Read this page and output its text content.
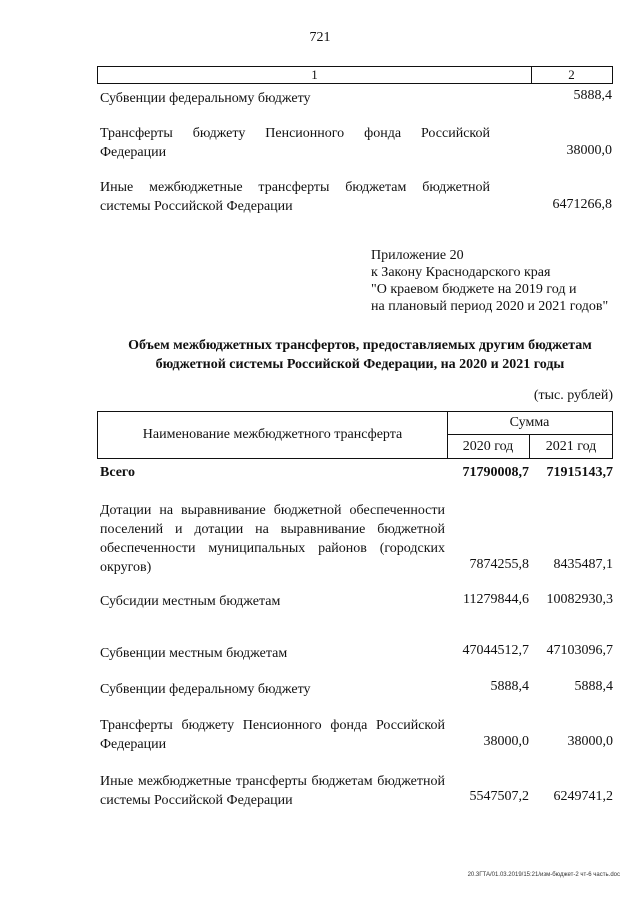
721
1	2
Субвенции федеральному бюджету	5888,4
Трансферты бюджету Пенсионного фонда Российской Федерации	38000,0
Иные межбюджетные трансферты бюджетам бюджетной системы Российской Федерации	6471266,8
Приложение 20
к Закону Краснодарского края
"О краевом бюджете на 2019 год и
на плановый период 2020 и 2021 годов"
Объем межбюджетных трансфертов, предоставляемых другим бюджетам
бюджетной системы Российской Федерации, на 2020 и 2021 годы
(тыс. рублей)
Наименование межбюджетного трансферта
Сумма
2020 год	2021 год
Всего	71790008,7	71915143,7
Дотации на выравнивание бюджетной обеспеченности поселений и дотации на выравнивание бюджетной обеспеченности муниципальных районов (городских округов)	7874255,8	8435487,1
Субсидии местным бюджетам	11279844,6	10082930,3
Субвенции местным бюджетам	47044512,7	47103096,7
Субвенции федеральному бюджету	5888,4	5888,4
Трансферты бюджету Пенсионного фонда Российской Федерации	38000,0	38000,0
Иные межбюджетные трансферты бюджетам бюджетной системы Российской Федерации	5547507,2	6249741,2
20.3ГТА/01.03.2019/15:21/изм-бюджет-2 чт-6 часть.doc
